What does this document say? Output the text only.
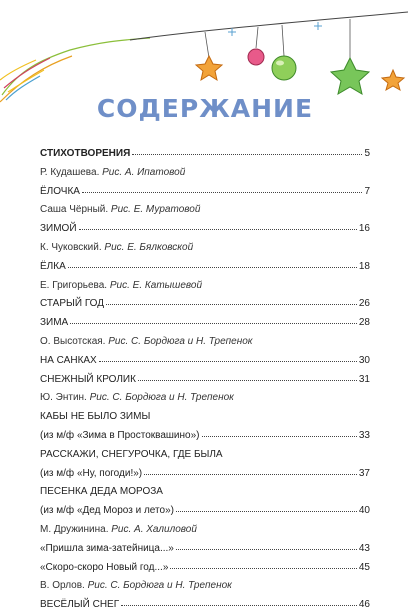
СОДЕРЖАНИЕ
СТИХОТВОРЕНИЯ	5
Р. Кудашева.
Рис. А. Ипатовой
ЁЛОЧКА	7
Саша Чёрный.
Рис. Е. Муратовой
ЗИМОЙ	16
К. Чуковский.
Рис. Е. Бялковской
ЁЛКА	18
Е. Григорьева.
Рис. Е. Катышевой
СТАРЫЙ ГОД	26
ЗИМА	28
О. Высотская.
Рис. С. Бордюга и Н. Трепенок
НА САНКАХ	30
СНЕЖНЫЙ КРОЛИК	31
Ю. Энтин.
Рис. С. Бордюга и Н. Трепенок
КАБЫ НЕ БЫЛО ЗИМЫ
(из м/ф «Зима в Простоквашино»)	33
РАССКАЖИ, СНЕГУРОЧКА, ГДЕ БЫЛА
(из м/ф «Ну, погоди!»)	37
ПЕСЕНКА ДЕДА МОРОЗА
(из м/ф «Дед Мороз и лето»)	40
М. Дружинина.
Рис. А. Халиловой
«Пришла зима-затейница...»	43
«Скоро-скоро Новый год...»	45
В. Орлов.
Рис. С. Бордюга и Н. Трепенок
ВЕСЁЛЫЙ СНЕГ	46
